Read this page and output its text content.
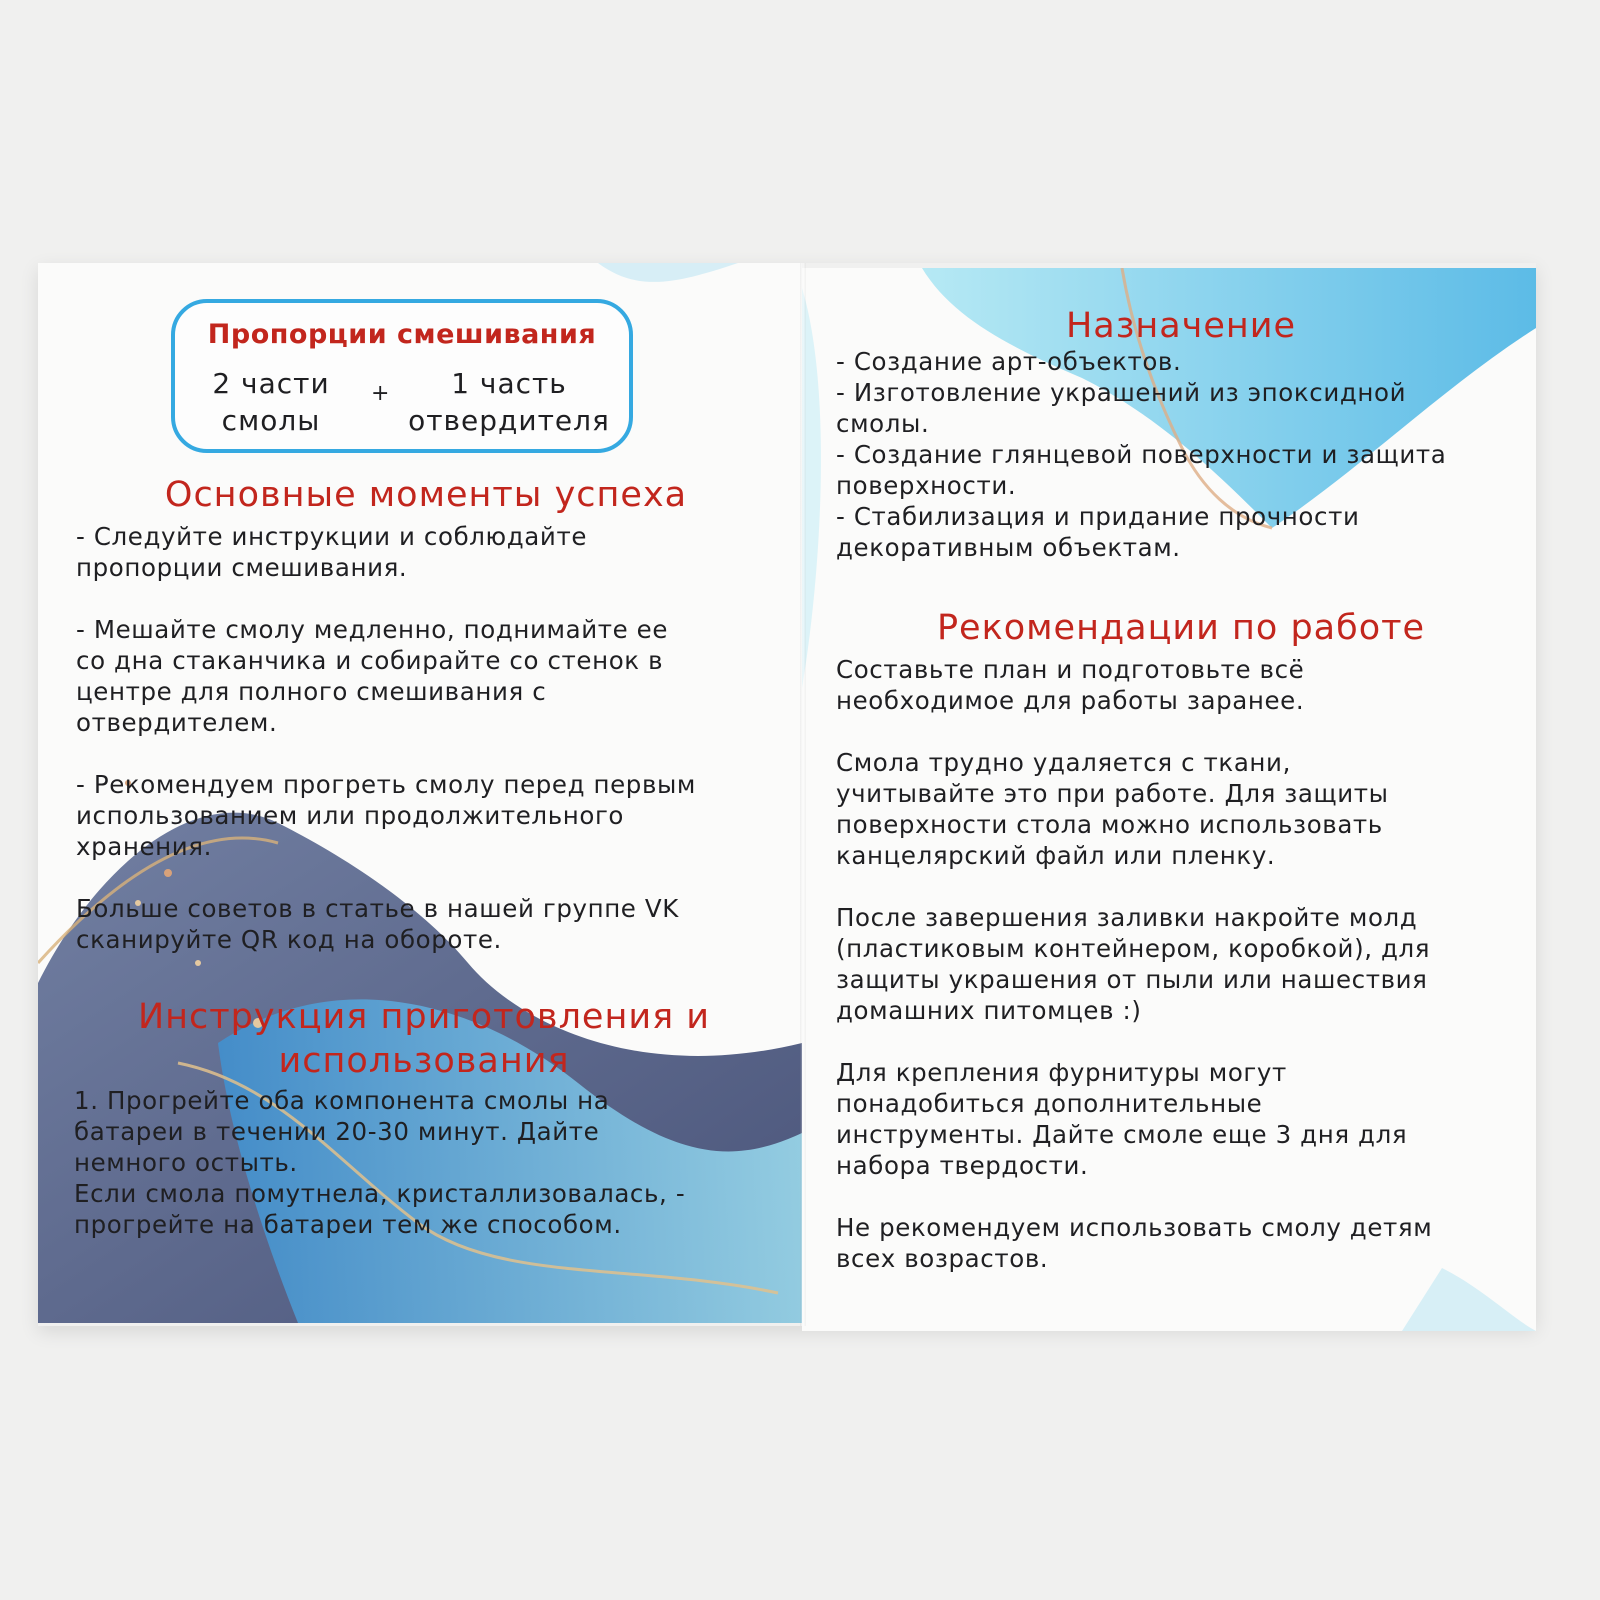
Пропорции смешивания
2 части
смолы
+	1 часть
отвердителя
Основные моменты успеха

- Следуйте инструкции и соблюдайте
пропорции смешивания.

- Мешайте смолу медленно, поднимайте ее
со дна стаканчика и собирайте со стенок в
центре для полного смешивания с
отвердителем.

- Рекомендуем прогреть смолу перед первым
использованием или продолжительного
хранения.

Больше советов в статье в нашей группе VK
сканируйте QR код на обороте.

Инструкция приготовления и
использования

1. Прогрейте оба компонента смолы на
батареи в течении 20-30 минут. Дайте
немного остыть.
Если смола помутнела, кристаллизовалась, -
прогрейте на батареи тем же способом.

Назначение

- Создание арт-объектов.
- Изготовление украшений из эпоксидной
смолы.
- Создание глянцевой поверхности и защита
поверхности.
- Стабилизация и придание прочности
декоративным объектам.

Рекомендации по работе

Составьте план и подготовьте всё
необходимое для работы заранее.

Смола трудно удаляется с ткани,
учитывайте это при работе. Для защиты
поверхности стола можно использовать
канцелярский файл или пленку.

После завершения заливки накройте молд
(пластиковым контейнером, коробкой), для
защиты украшения от пыли или нашествия
домашних питомцев :)

Для крепления фурнитуры могут
понадобиться дополнительные
инструменты. Дайте смоле еще 3 дня для
набора твердости.

Не рекомендуем использовать смолу детям
всех возрастов.
